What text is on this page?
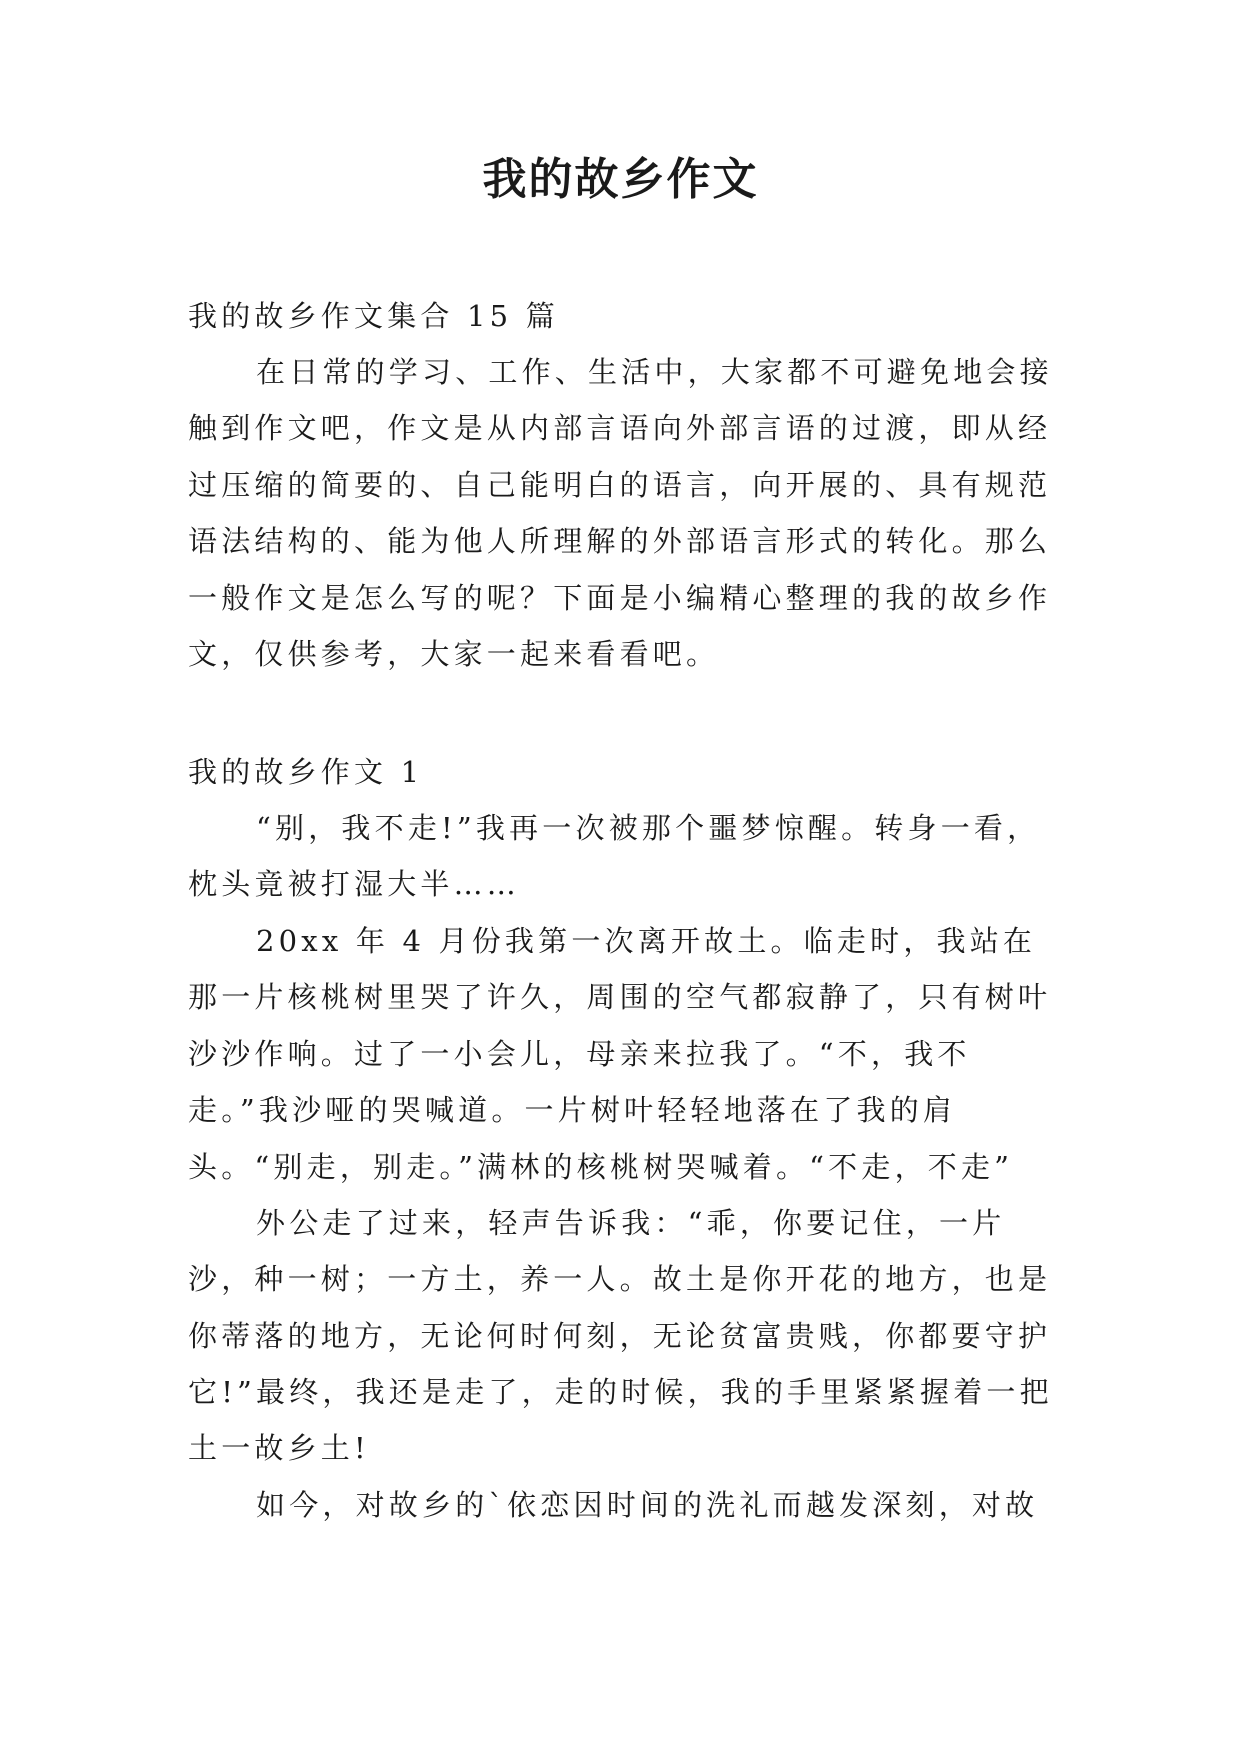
我的故乡作文

我的故乡作文集合 15 篇

在日常的学习、工作、生活中，大家都不可避免地会接触到作文吧，作文是从内部言语向外部言语的过渡，即从经过压缩的简要的、自己能明白的语言，向开展的、具有规范语法结构的、能为他人所理解的外部语言形式的转化。那么一般作文是怎么写的呢？下面是小编精心整理的我的故乡作文，仅供参考，大家一起来看看吧。

我的故乡作文 1

“别，我不走!”我再一次被那个噩梦惊醒。转身一看，枕头竟被打湿大半……

20xx 年 4 月份我第一次离开故土。临走时，我站在那一片核桃树里哭了许久，周围的空气都寂静了，只有树叶沙沙作响。过了一小会儿，母亲来拉我了。“不，我不走。”我沙哑的哭喊道。一片树叶轻轻地落在了我的肩头。“别走，别走。”满林的核桃树哭喊着。“不走，不走”

外公走了过来，轻声告诉我：“乖，你要记住，一片沙，种一树；一方土，养一人。故土是你开花的地方，也是你蒂落的地方，无论何时何刻，无论贫富贵贱，你都要守护它!” 最终，我还是走了，走的时候，我的手里紧紧握着一把土一故乡土!

如今，对故乡的`依恋因时间的洗礼而越发深刻，对故
